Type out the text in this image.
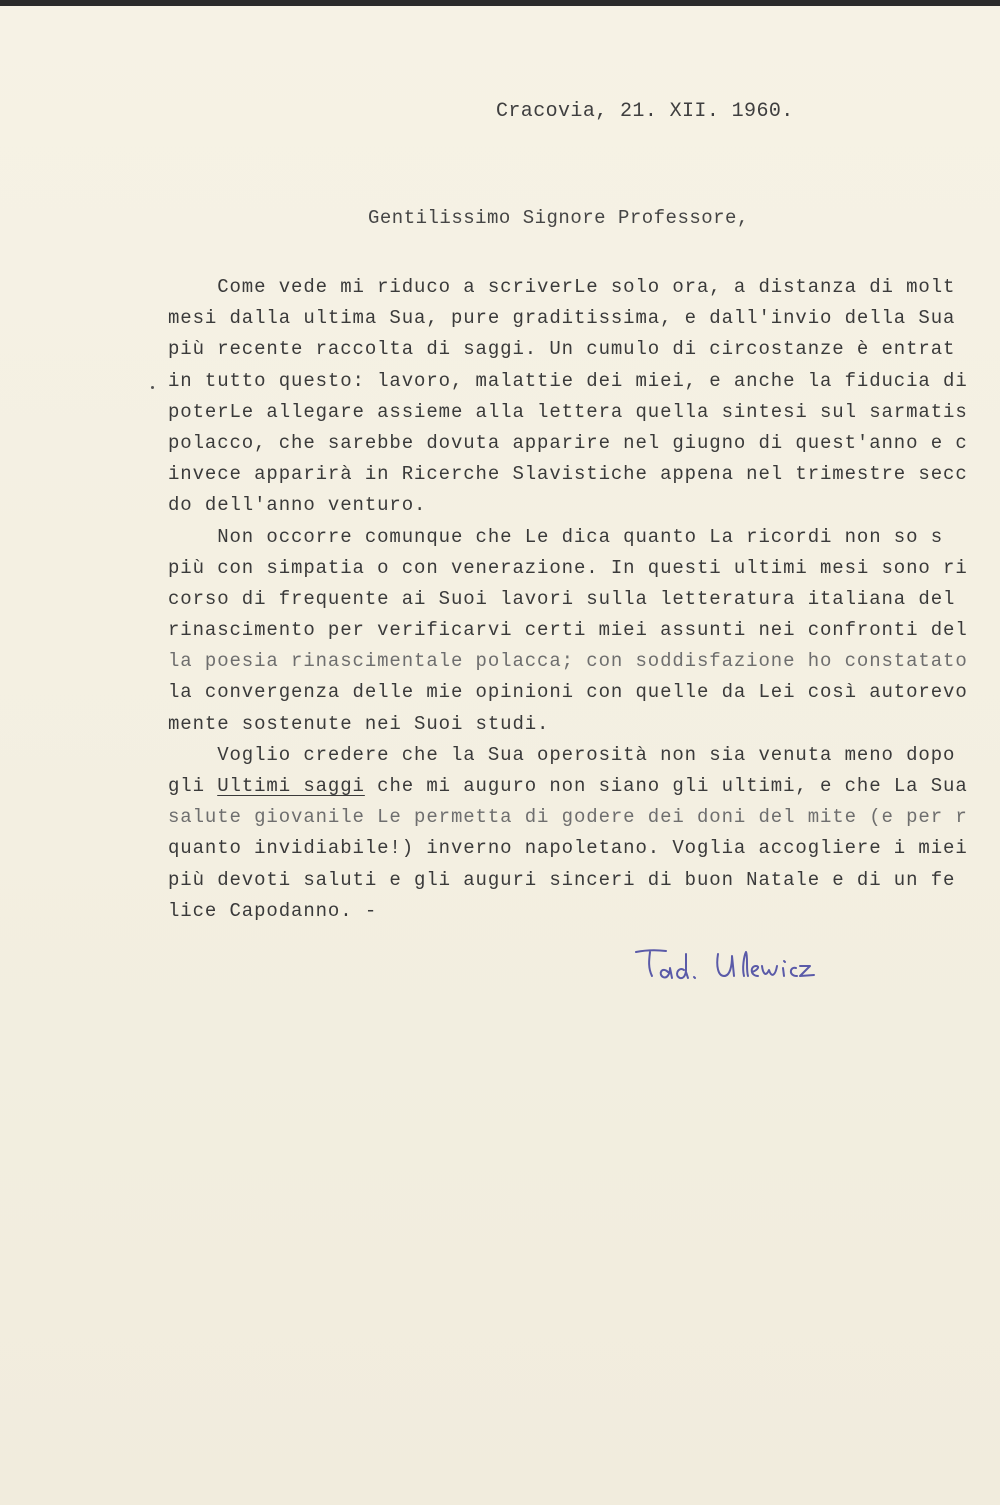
Cracovia, 21. XII. 1960.
Gentilissimo Signore Professore,
Come vede mi riduco a scriverLe solo ora, a distanza di molt
mesi dalla ultima Sua, pure graditissima, e dall'invio della Sua
più recente raccolta di saggi. Un cumulo di circostanze è entrat
in tutto questo: lavoro, malattie dei miei, e anche la fiducia di
poterLe allegare assieme alla lettera quella sintesi sul sarmatis
polacco, che sarebbe dovuta apparire nel giugno di quest'anno e c
invece apparirà in Ricerche Slavistiche appena nel trimestre secc
do dell'anno venturo.
Non occorre comunque che Le dica quanto La ricordi non so s
più con simpatia o con venerazione. In questi ultimi mesi sono ri
corso di frequente ai Suoi lavori sulla letteratura italiana del
rinascimento per verificarvi certi miei assunti nei confronti del
la poesia rinascimentale polacca; con soddisfazione ho constatato
la convergenza delle mie opinioni con quelle da Lei così autorevo
mente sostenute nei Suoi studi.
Voglio credere che la Sua operosità non sia venuta meno dopo
gli Ultimi saggi che mi auguro non siano gli ultimi, e che La Sua
salute giovanile Le permetta di godere dei doni del mite (e per r
quanto invidiabile!) inverno napoletano. Voglia accogliere i miei
più devoti saluti e gli auguri sinceri di buon Natale e di un fe
lice Capodanno. -
